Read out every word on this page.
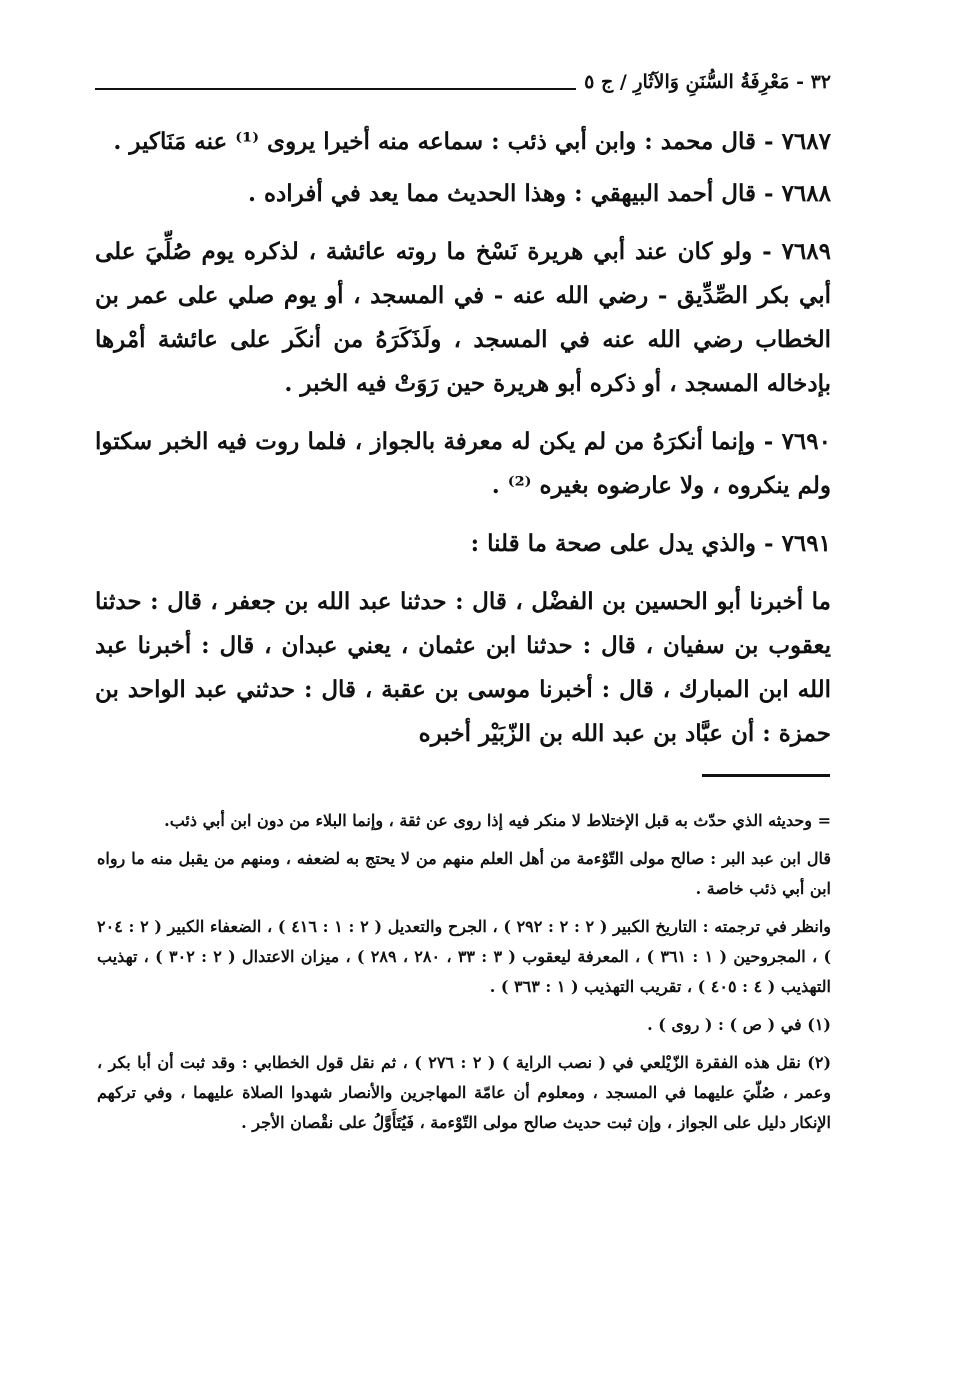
٣٢ - مَعْرِفَةُ السُّنَنِ وَالآثَارِ / ج ٥

٧٦٨٧ - قال محمد : وابن أبي ذئب : سماعه منه أخيرا يروى ⁽¹⁾ عنه مَنَاكير .

٧٦٨٨ - قال أحمد البيهقي : وهذا الحديث مما يعد في أفراده .

٧٦٨٩ - ولو كان عند أبي هريرة نَسْخ ما روته عائشة ، لذكره يوم صُلِّيَ على أبي بكر الصِّدِّيق - رضي الله عنه - في المسجد ، أو يوم صلي على عمر بن الخطاب رضي الله عنه في المسجد ، ولَذَكَرَهُ من أنكَر على عائشة أمْرها بإدخاله المسجد ، أو ذكره أبو هريرة حين رَوَتْ فيه الخبر .

٧٦٩٠ - وإنما أنكرَهُ من لم يكن له معرفة بالجواز ، فلما روت فيه الخبر سكتوا ولم ينكروه ، ولا عارضوه بغيره ⁽²⁾ .

٧٦٩١ - والذي يدل على صحة ما قلنا :

ما أخبرنا أبو الحسين بن الفضْل ، قال : حدثنا عبد الله بن جعفر ، قال : حدثنا يعقوب بن سفيان ، قال : حدثنا ابن عثمان ، يعني عبدان ، قال : أخبرنا عبد الله ابن المبارك ، قال : أخبرنا موسى بن عقبة ، قال : حدثني عبد الواحد بن حمزة : أن عبَّاد بن عبد الله بن الزّبَيْر أخبره

= وحديثه الذي حدّث به قبل الإختلاط لا منكر فيه إذا روى عن ثقة ، وإنما البلاء من دون ابن أبي ذئب.

قال ابن عبد البر : صالح مولى التّوْءمة من أهل العلم منهم من لا يحتج به لضعفه ، ومنهم من يقبل منه ما رواه ابن أبي ذئب خاصة .

وانظر في ترجمته : التاريخ الكبير ( ٢ : ٢ : ٢٩٢ ) ، الجرح والتعديل ( ٢ : ١ : ٤١٦ ) ، الضعفاء الكبير ( ٢ : ٢٠٤ ) ، المجروحين ( ١ : ٣٦١ ) ، المعرفة ليعقوب ( ٣ : ٣٣ ، ٢٨٠ ، ٢٨٩ ) ، ميزان الاعتدال ( ٢ : ٣٠٢ ) ، تهذيب التهذيب ( ٤ : ٤٠٥ ) ، تقريب التهذيب ( ١ : ٣٦٣ ) .

(١) في ( ص ) : ( روى ) .

(٢) نقل هذه الفقرة الزّيْلعي في ( نصب الراية ) ( ٢ : ٢٧٦ ) ، ثم نقل قول الخطابي : وقد ثبت أن أبا بكر ، وعمر ، صُلّيَ عليهما في المسجد ، ومعلوم أن عامّة المهاجرين والأنصار شهدوا الصلاة عليهما ، وفي تركهم الإنكار دليل على الجواز ، وإن ثبت حديث صالح مولى التّوْءمة ، فَيُتَأَوَّلُ على نقْصان الأجر .
